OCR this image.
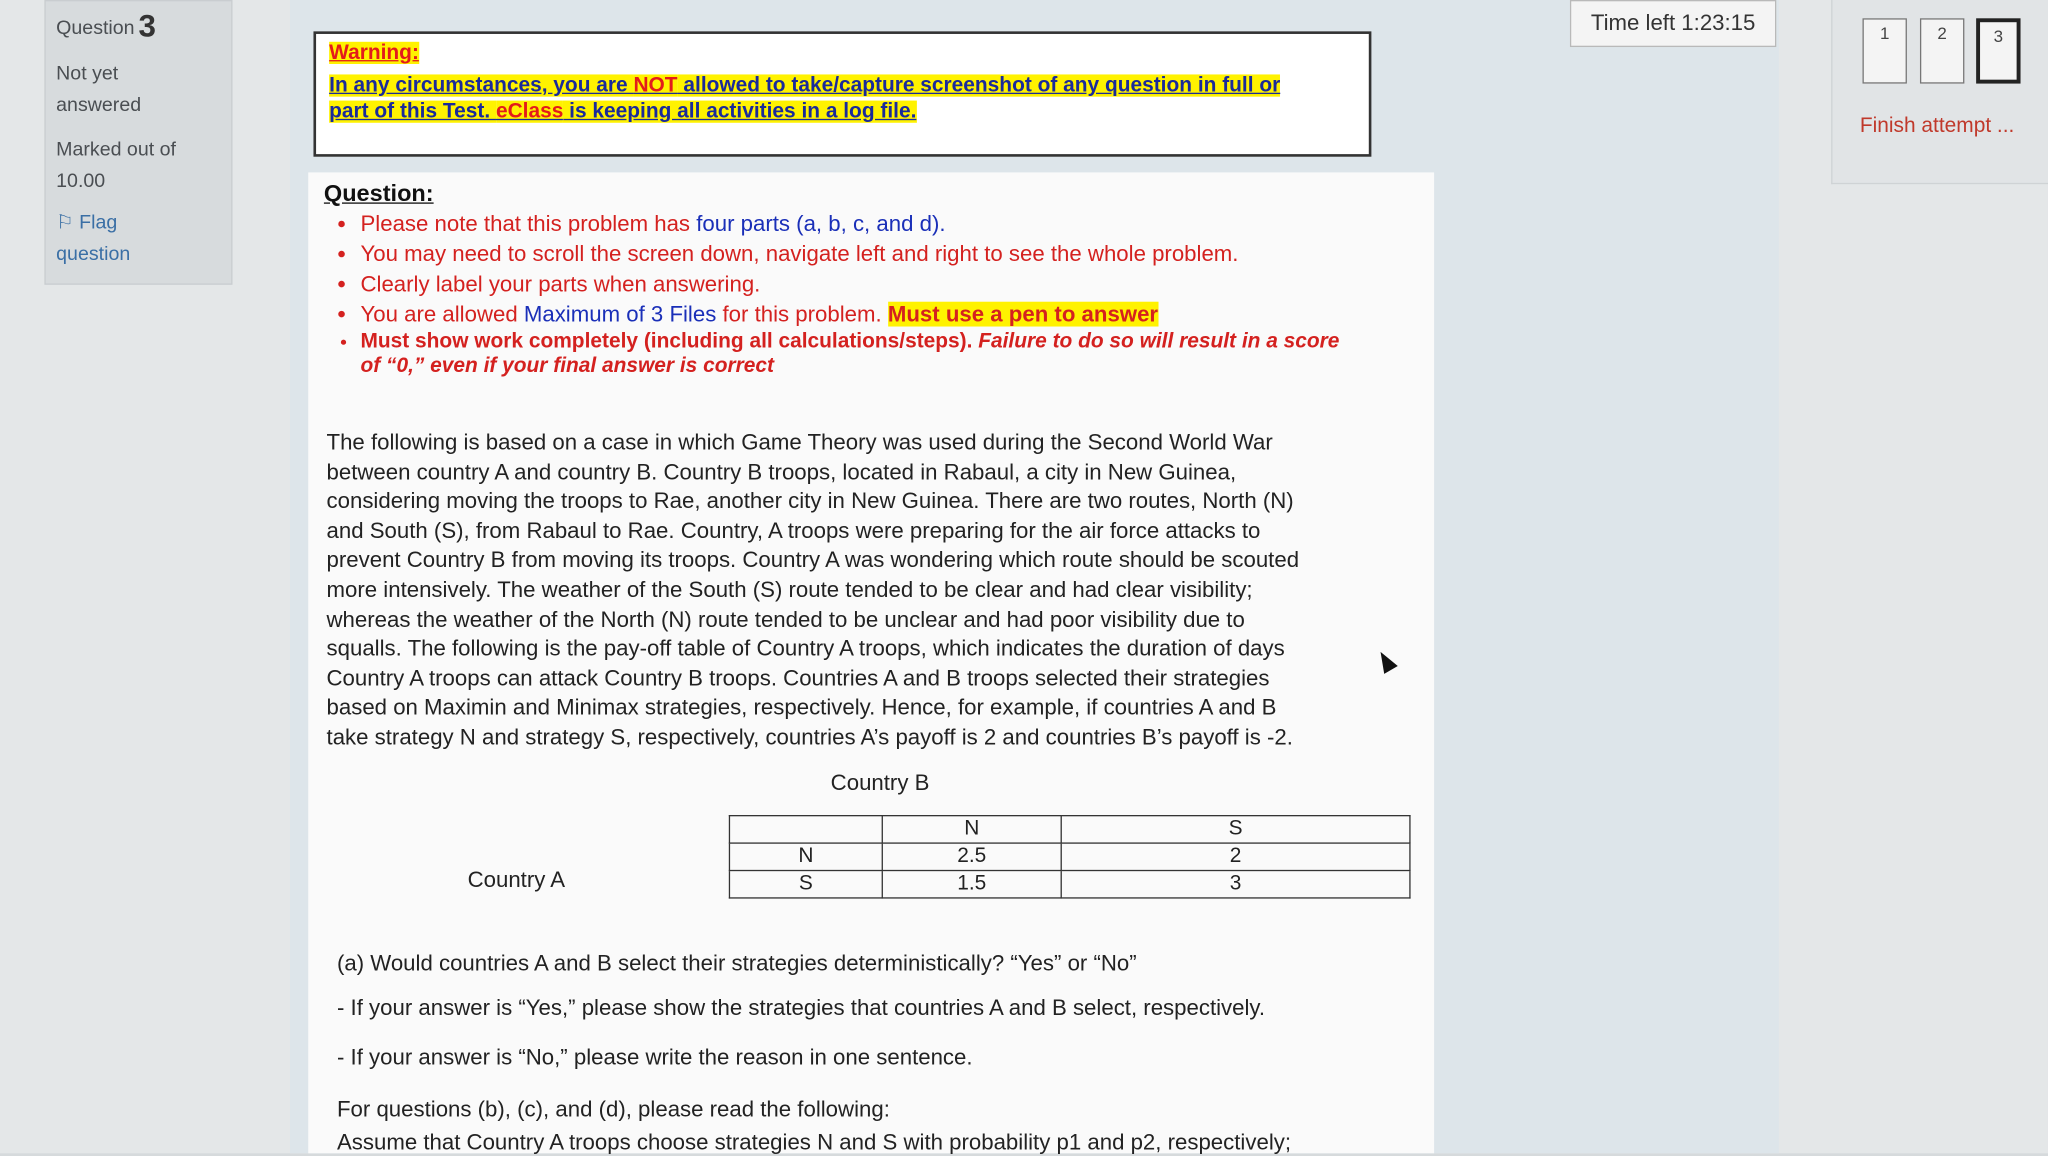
Question 3

Not yet
answered

Marked out of
10.00

⚐ Flag
question
Warning:
In any circumstances, you are NOT allowed to take/capture screenshot of any question in full or
part of this Test. eClass is keeping all activities in a log file.
Question:
• Please note that this problem has four parts (a, b, c, and d).
• You may need to scroll the screen down, navigate left and right to see the whole problem.
• Clearly label your parts when answering.
• You are allowed Maximum of 3 Files for this problem. Must use a pen to answer
• Must show work completely (including all calculations/steps). Failure to do so will result in a score
of “0,” even if your final answer is correct
The following is based on a case in which Game Theory was used during the Second World War
between country A and country B. Country B troops, located in Rabaul, a city in New Guinea,
considering moving the troops to Rae, another city in New Guinea. There are two routes, North (N)
and South (S), from Rabaul to Rae. Country, A troops were preparing for the air force attacks to
prevent Country B from moving its troops. Country A was wondering which route should be scouted
more intensively. The weather of the South (S) route tended to be clear and had clear visibility;
whereas the weather of the North (N) route tended to be unclear and had poor visibility due to
squalls. The following is the pay-off table of Country A troops, which indicates the duration of days
Country A troops can attack Country B troops. Countries A and B troops selected their strategies
based on Maximin and Minimax strategies, respectively. Hence, for example, if countries A and B
take strategy N and strategy S, respectively, countries A’s payoff is 2 and countries B’s payoff is -2.
Country B
Country A
	N	S
N	2.5	2
S	1.5	3
(a) Would countries A and B select their strategies deterministically? “Yes” or “No”
- If your answer is “Yes,” please show the strategies that countries A and B select, respectively.
- If your answer is “No,” please write the reason in one sentence.
For questions (b), (c), and (d), please read the following:
Assume that Country A troops choose strategies N and S with probability p1 and p2, respectively;
Time left 1:23:15	1	2	3
Finish attempt ...
